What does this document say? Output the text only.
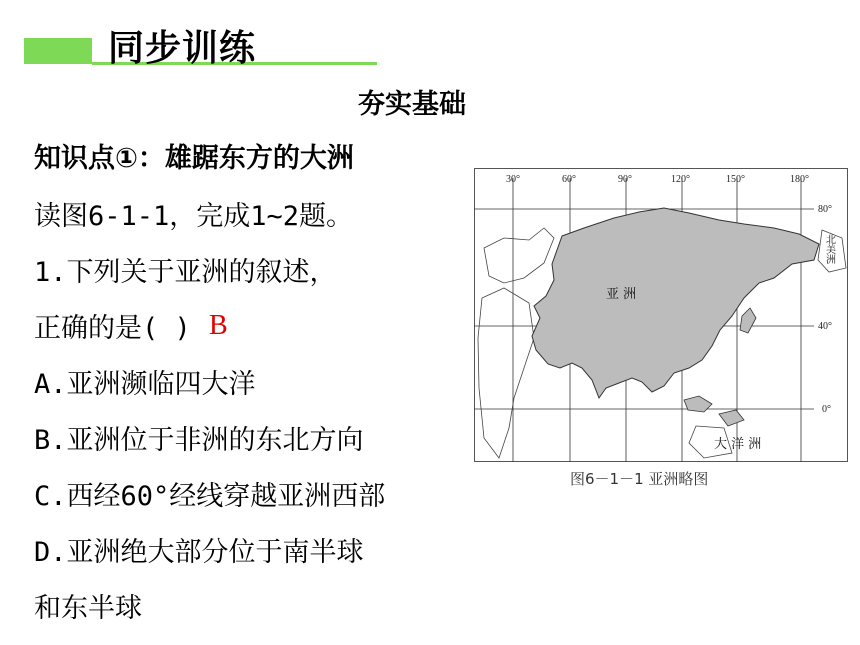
同步训练
夯实基础
知识点①：雄踞东方的大洲
读图6-1-1，完成1~2题。
1.下列关于亚洲的叙述，
正确的是( ) B
A.亚洲濒临四大洋
B.亚洲位于非洲的东北方向
C.西经60°经线穿越亚洲西部
D.亚洲绝大部分位于南半球
和东半球
30°	60°	90°	120°	150°	180°
80°
40°
0°
亚 洲
大 洋 洲
北美洲
图6－1－1 亚洲略图
